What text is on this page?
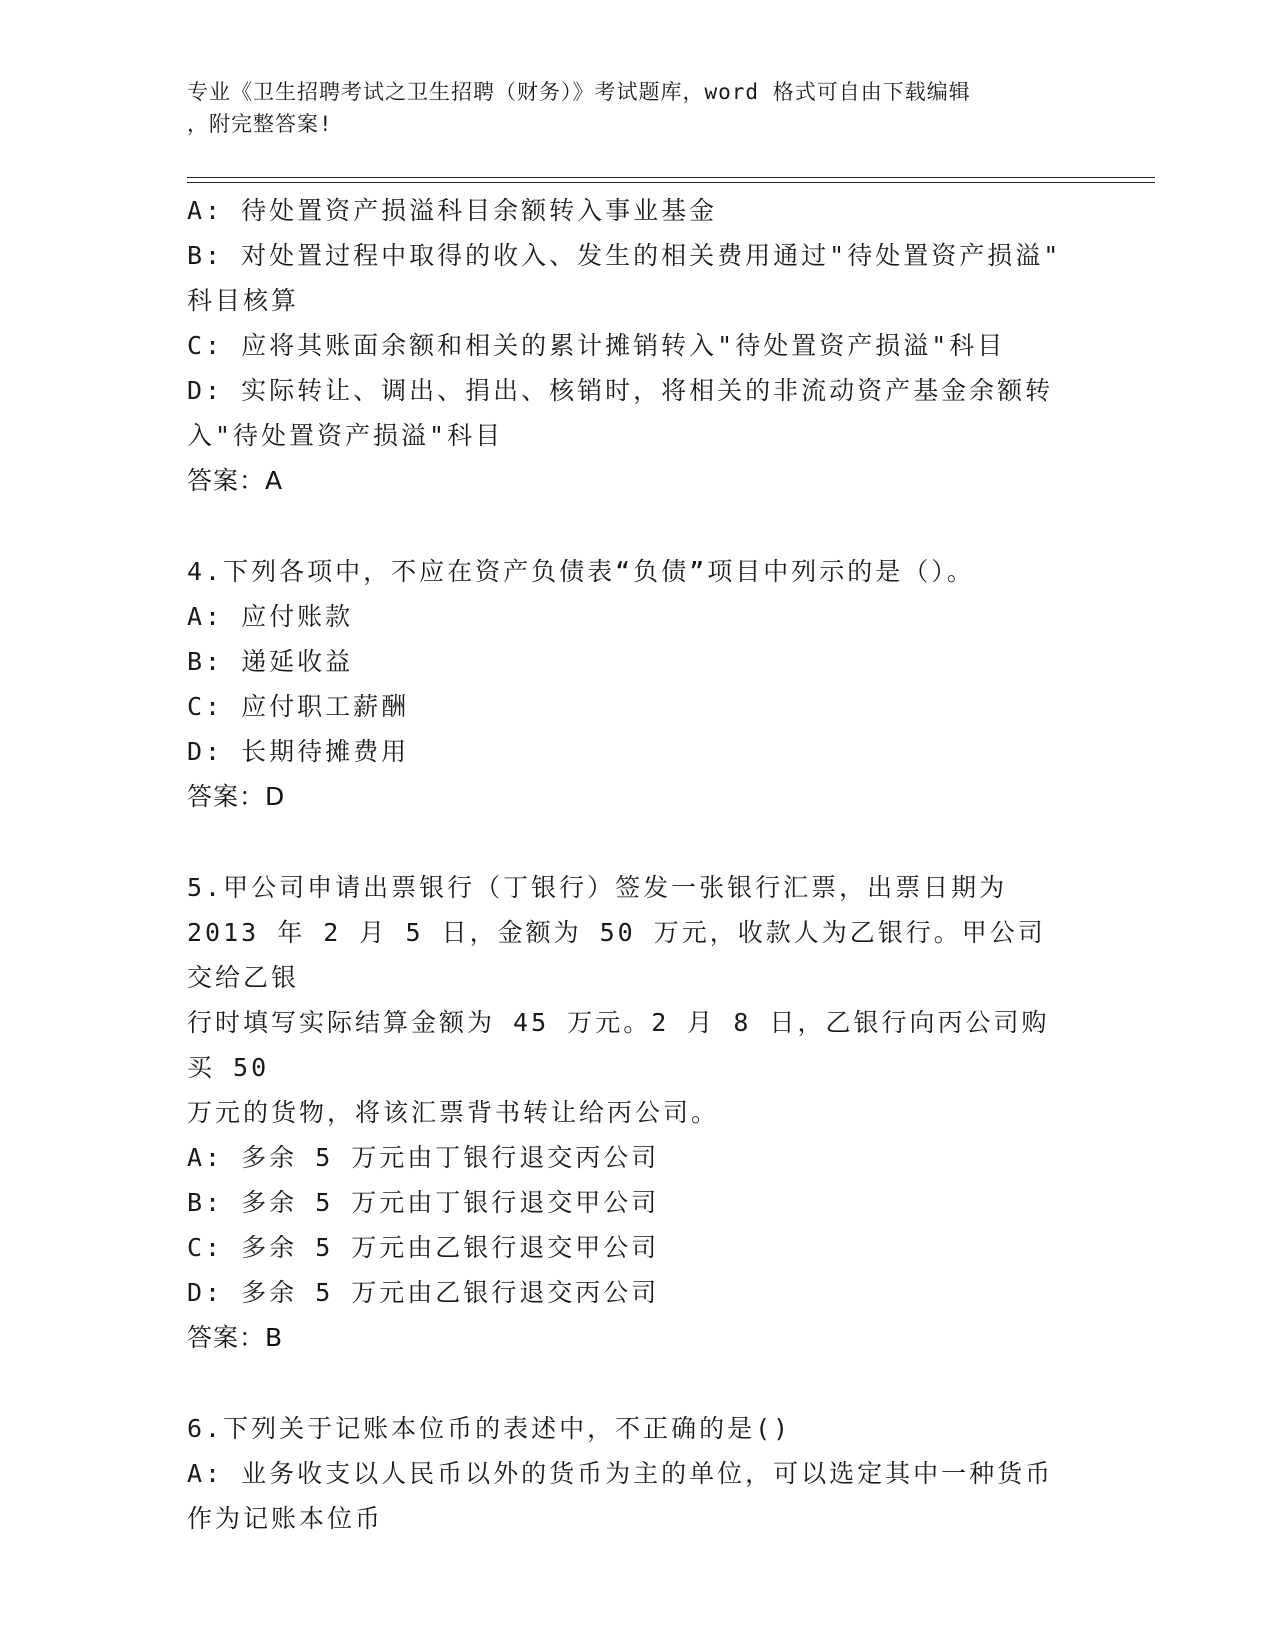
专业《卫生招聘考试之卫生招聘（财务）》考试题库，word 格式可自由下载编辑
，附完整答案!

A: 待处置资产损溢科目余额转入事业基金

B: 对处置过程中取得的收入、发生的相关费用通过"待处置资产损溢"

科目核算

C: 应将其账面余额和相关的累计摊销转入"待处置资产损溢"科目

D: 实际转让、调出、捐出、核销时，将相关的非流动资产基金余额转

入"待处置资产损溢"科目

答案：A

4.下列各项中，不应在资产负债表“负债”项目中列示的是（）。

A: 应付账款

B: 递延收益

C: 应付职工薪酬

D: 长期待摊费用

答案：D

5.甲公司申请出票银行（丁银行）签发一张银行汇票，出票日期为

2013 年 2 月 5 日，金额为 50 万元，收款人为乙银行。甲公司交给乙银

行时填写实际结算金额为 45 万元。2 月 8 日，乙银行向丙公司购买 50

万元的货物，将该汇票背书转让给丙公司。

A: 多余 5 万元由丁银行退交丙公司

B: 多余 5 万元由丁银行退交甲公司

C: 多余 5 万元由乙银行退交甲公司

D: 多余 5 万元由乙银行退交丙公司

答案：B

6.下列关于记账本位币的表述中，不正确的是()

A: 业务收支以人民币以外的货币为主的单位，可以选定其中一种货币

作为记账本位币
